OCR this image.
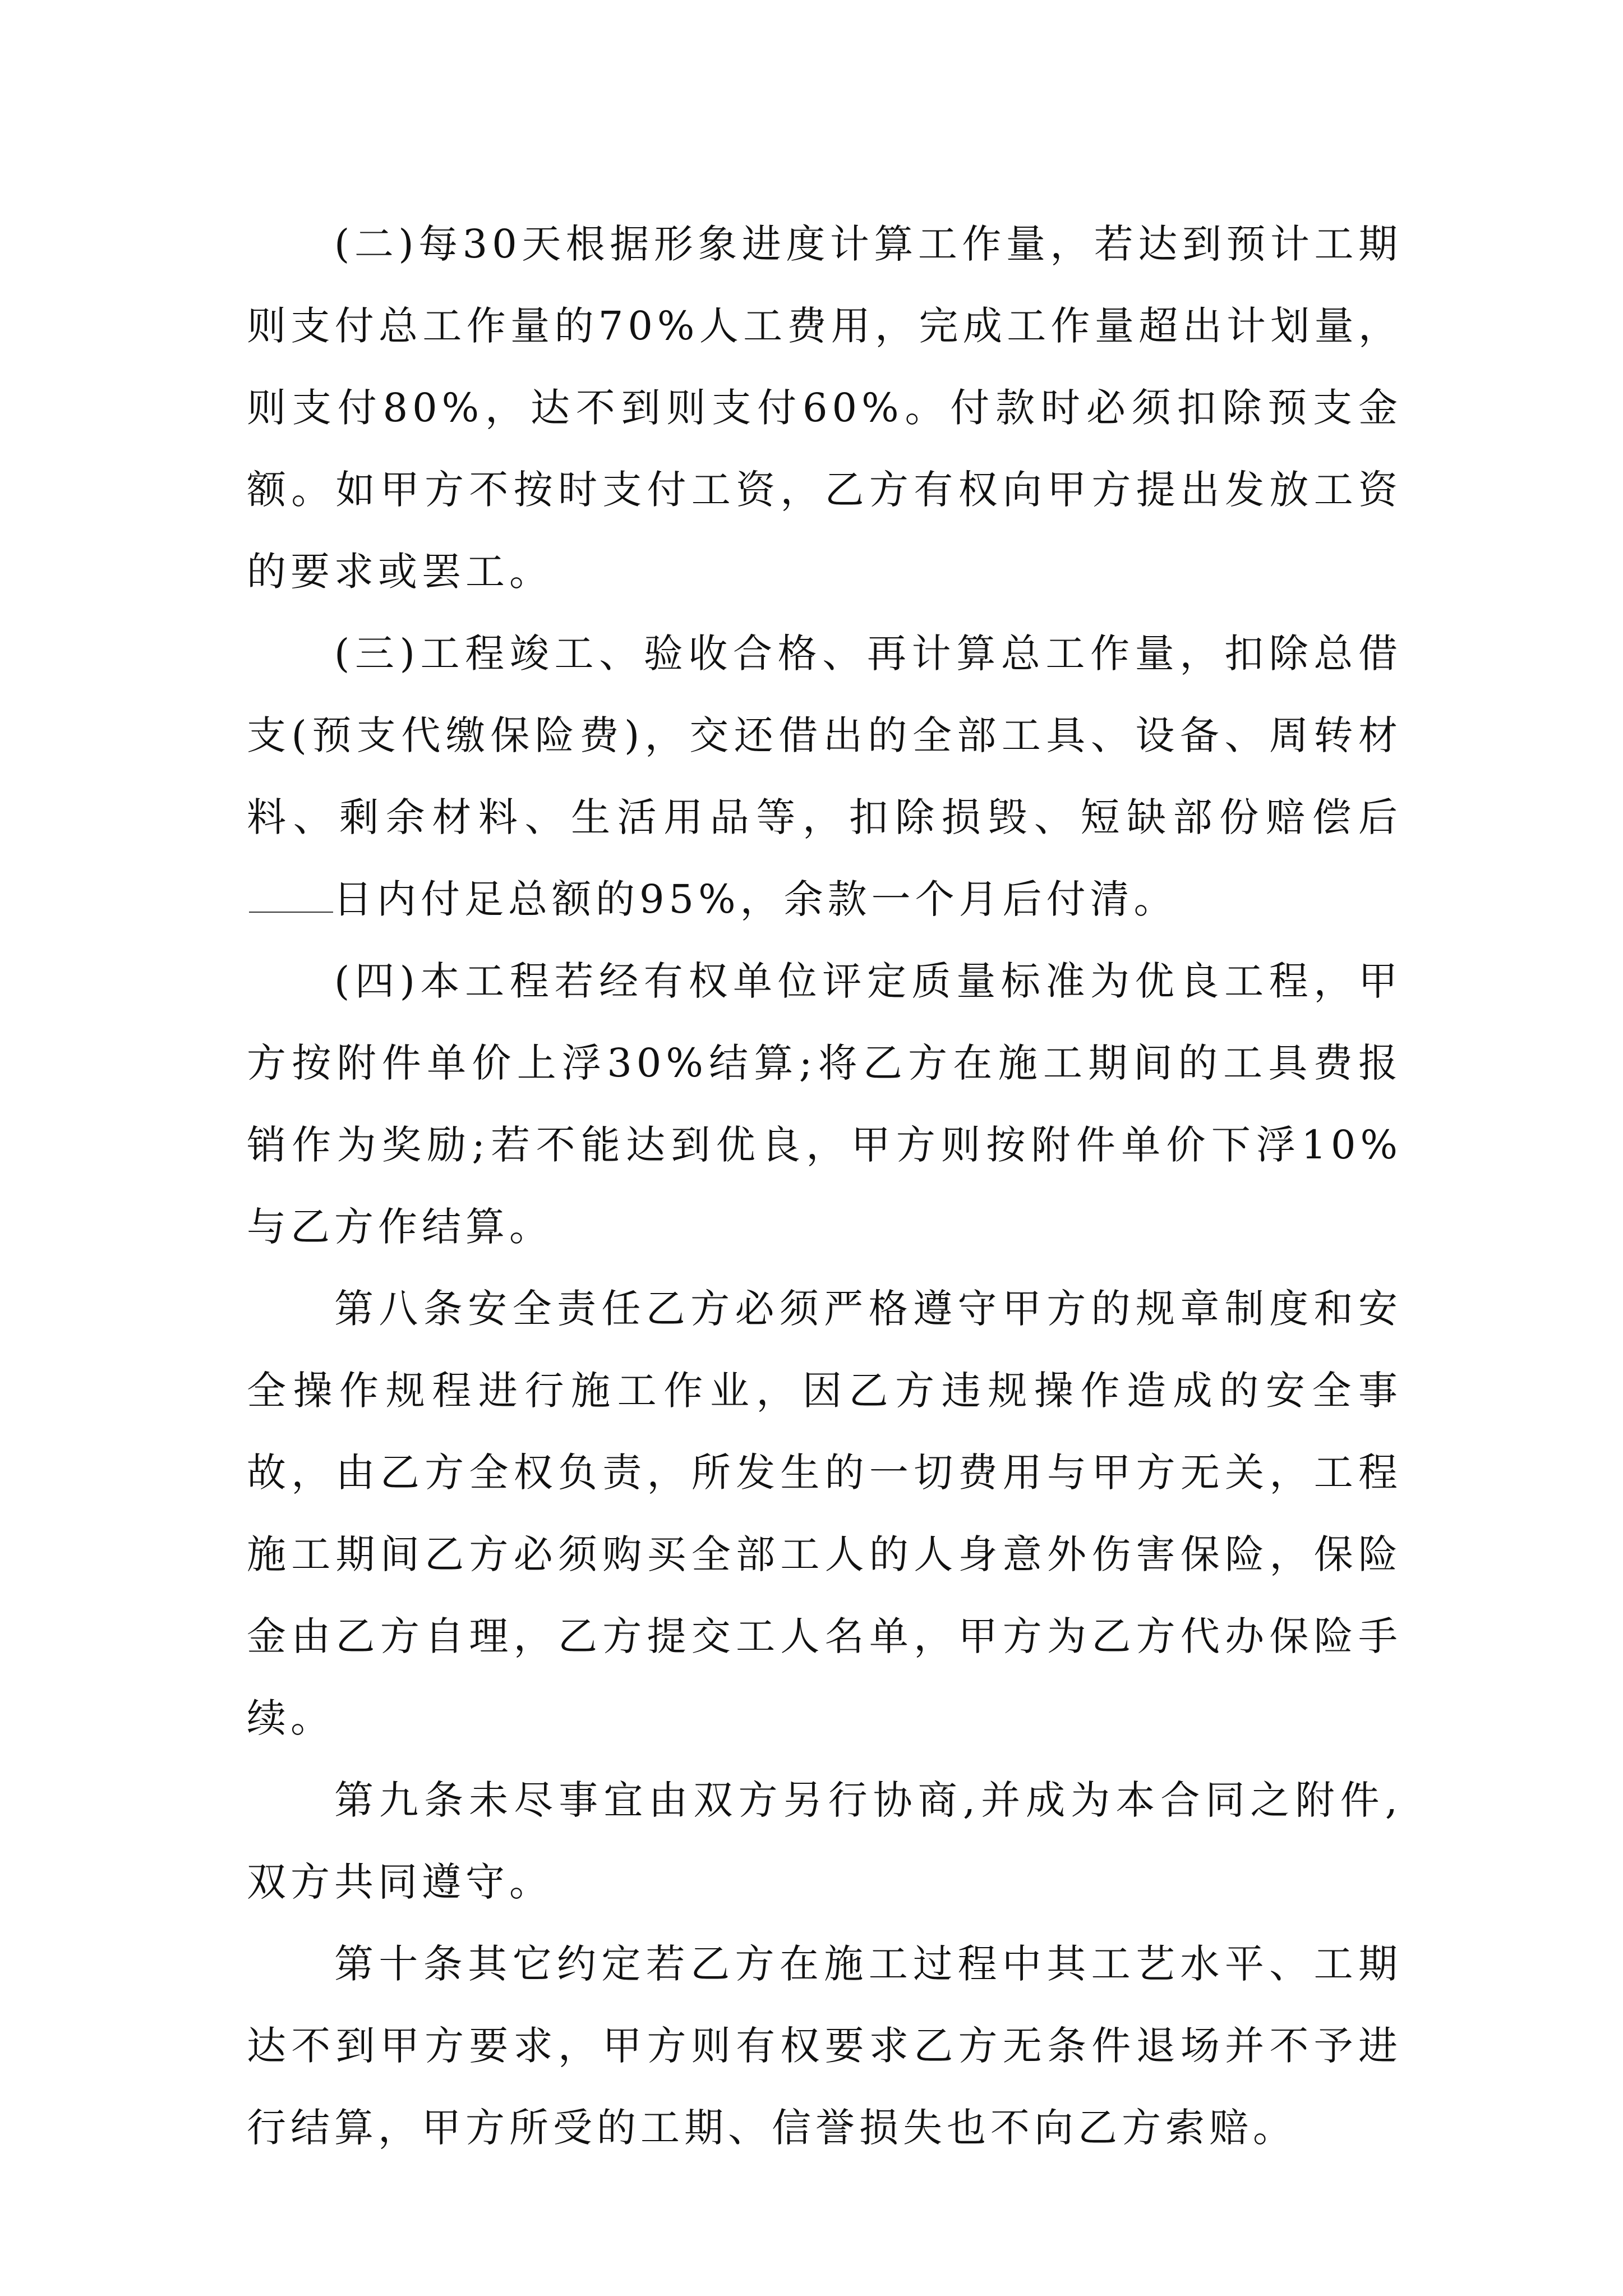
(二)每30天根据形象进度计算工作量，若达到预计工期则支付总工作量的70%人工费用，完成工作量超出计划量，则支付80%，达不到则支付60%。付款时必须扣除预支金额。如甲方不按时支付工资，乙方有权向甲方提出发放工资的要求或罢工。

(三)工程竣工、验收合格、再计算总工作量，扣除总借支(预支代缴保险费)，交还借出的全部工具、设备、周转材料、剩余材料、生活用品等，扣除损毁、短缺部份赔偿后日内付足总额的95%，余款一个月后付清。

(四)本工程若经有权单位评定质量标准为优良工程，甲方按附件单价上浮30%结算;将乙方在施工期间的工具费报销作为奖励;若不能达到优良，甲方则按附件单价下浮10%与乙方作结算。

第八条安全责任乙方必须严格遵守甲方的规章制度和安全操作规程进行施工作业，因乙方违规操作造成的安全事故，由乙方全权负责，所发生的一切费用与甲方无关，工程施工期间乙方必须购买全部工人的人身意外伤害保险，保险金由乙方自理，乙方提交工人名单，甲方为乙方代办保险手续。

第九条未尽事宜由双方另行协商,并成为本合同之附件,双方共同遵守。

第十条其它约定若乙方在施工过程中其工艺水平、工期达不到甲方要求，甲方则有权要求乙方无条件退场并不予进行结算，甲方所受的工期、信誉损失也不向乙方索赔。
